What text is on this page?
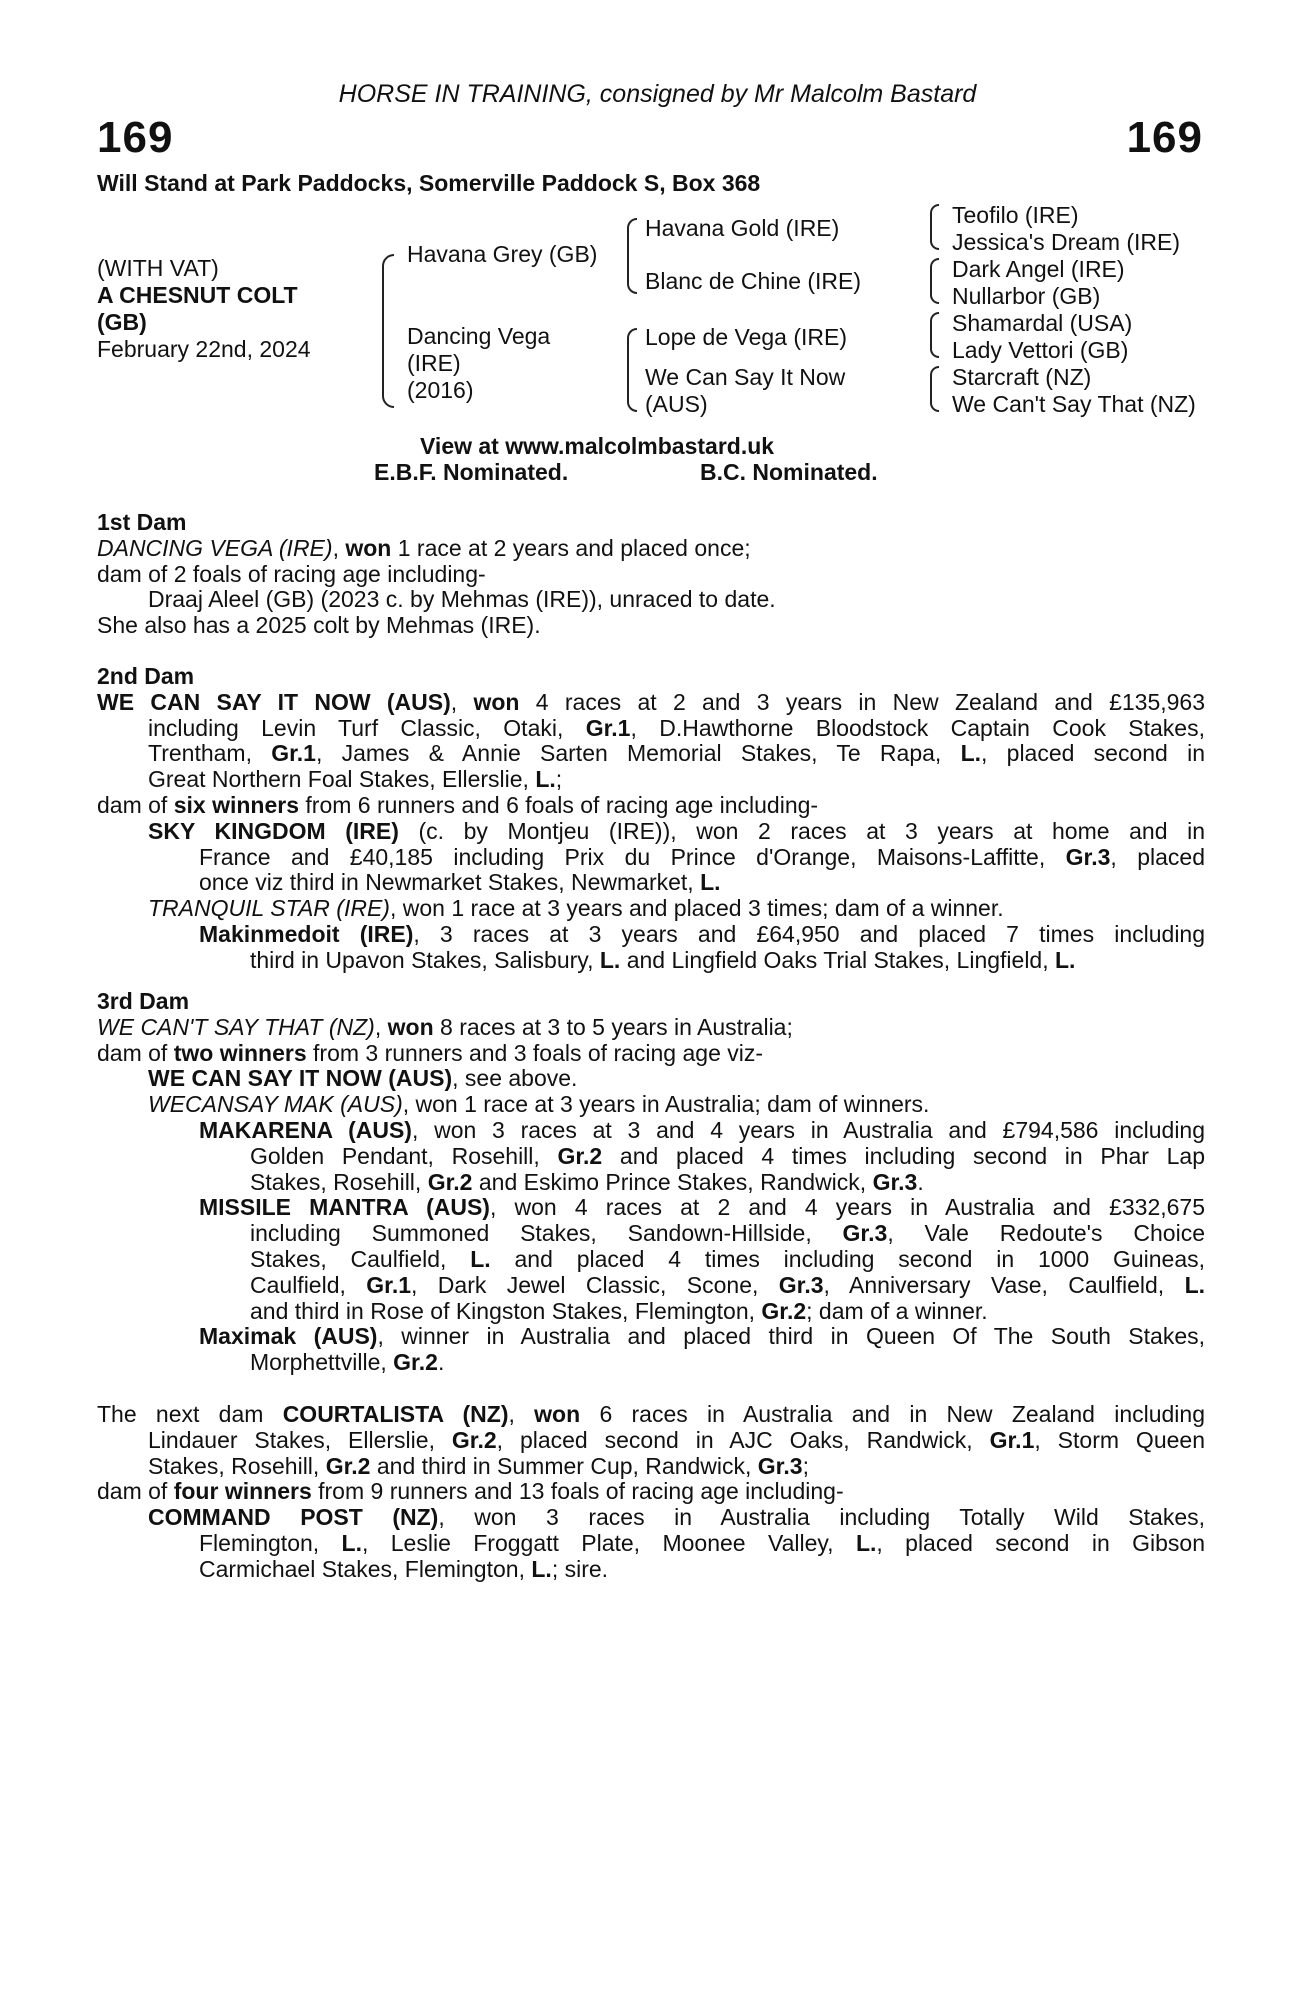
HORSE IN TRAINING, consigned by Mr Malcolm Bastard
169	169
Will Stand at Park Paddocks, Somerville Paddock S, Box 368
(WITH VAT)
A CHESNUT COLT
(GB)
February 22nd, 2024
Havana Grey (GB)
Dancing Vega
(IRE)
(2016)
Havana Gold (IRE)
Blanc de Chine (IRE)
Lope de Vega (IRE)
We Can Say It Now
(AUS)
Teofilo (IRE)
Jessica's Dream (IRE)
Dark Angel (IRE)
Nullarbor (GB)
Shamardal (USA)
Lady Vettori (GB)
Starcraft (NZ)
We Can't Say That (NZ)
View at www.malcolmbastard.uk
E.B.F. Nominated.	B.C. Nominated.
1st Dam
DANCING VEGA (IRE), won 1 race at 2 years and placed once;
dam of 2 foals of racing age including-
Draaj Aleel (GB) (2023 c. by Mehmas (IRE)), unraced to date.
She also has a 2025 colt by Mehmas (IRE).
2nd Dam
WE CAN SAY IT NOW (AUS), won 4 races at 2 and 3 years in New Zealand and £135,963
including Levin Turf Classic, Otaki, Gr.1, D.Hawthorne Bloodstock Captain Cook Stakes,
Trentham, Gr.1, James & Annie Sarten Memorial Stakes, Te Rapa, L., placed second in
Great Northern Foal Stakes, Ellerslie, L.;
dam of six winners from 6 runners and 6 foals of racing age including-
SKY KINGDOM (IRE) (c. by Montjeu (IRE)), won 2 races at 3 years at home and in
France and £40,185 including Prix du Prince d'Orange, Maisons-Laffitte, Gr.3, placed
once viz third in Newmarket Stakes, Newmarket, L.
TRANQUIL STAR (IRE), won 1 race at 3 years and placed 3 times; dam of a winner.
Makinmedoit (IRE), 3 races at 3 years and £64,950 and placed 7 times including
third in Upavon Stakes, Salisbury, L. and Lingfield Oaks Trial Stakes, Lingfield, L.
3rd Dam
WE CAN'T SAY THAT (NZ), won 8 races at 3 to 5 years in Australia;
dam of two winners from 3 runners and 3 foals of racing age viz-
WE CAN SAY IT NOW (AUS), see above.
WECANSAY MAK (AUS), won 1 race at 3 years in Australia; dam of winners.
MAKARENA (AUS), won 3 races at 3 and 4 years in Australia and £794,586 including
Golden Pendant, Rosehill, Gr.2 and placed 4 times including second in Phar Lap
Stakes, Rosehill, Gr.2 and Eskimo Prince Stakes, Randwick, Gr.3.
MISSILE MANTRA (AUS), won 4 races at 2 and 4 years in Australia and £332,675
including Summoned Stakes, Sandown-Hillside, Gr.3, Vale Redoute's Choice
Stakes, Caulfield, L. and placed 4 times including second in 1000 Guineas,
Caulfield, Gr.1, Dark Jewel Classic, Scone, Gr.3, Anniversary Vase, Caulfield, L.
and third in Rose of Kingston Stakes, Flemington, Gr.2; dam of a winner.
Maximak (AUS), winner in Australia and placed third in Queen Of The South Stakes,
Morphettville, Gr.2.
The next dam COURTALISTA (NZ), won 6 races in Australia and in New Zealand including
Lindauer Stakes, Ellerslie, Gr.2, placed second in AJC Oaks, Randwick, Gr.1, Storm Queen
Stakes, Rosehill, Gr.2 and third in Summer Cup, Randwick, Gr.3;
dam of four winners from 9 runners and 13 foals of racing age including-
COMMAND POST (NZ), won 3 races in Australia including Totally Wild Stakes,
Flemington, L., Leslie Froggatt Plate, Moonee Valley, L., placed second in Gibson
Carmichael Stakes, Flemington, L.; sire.
